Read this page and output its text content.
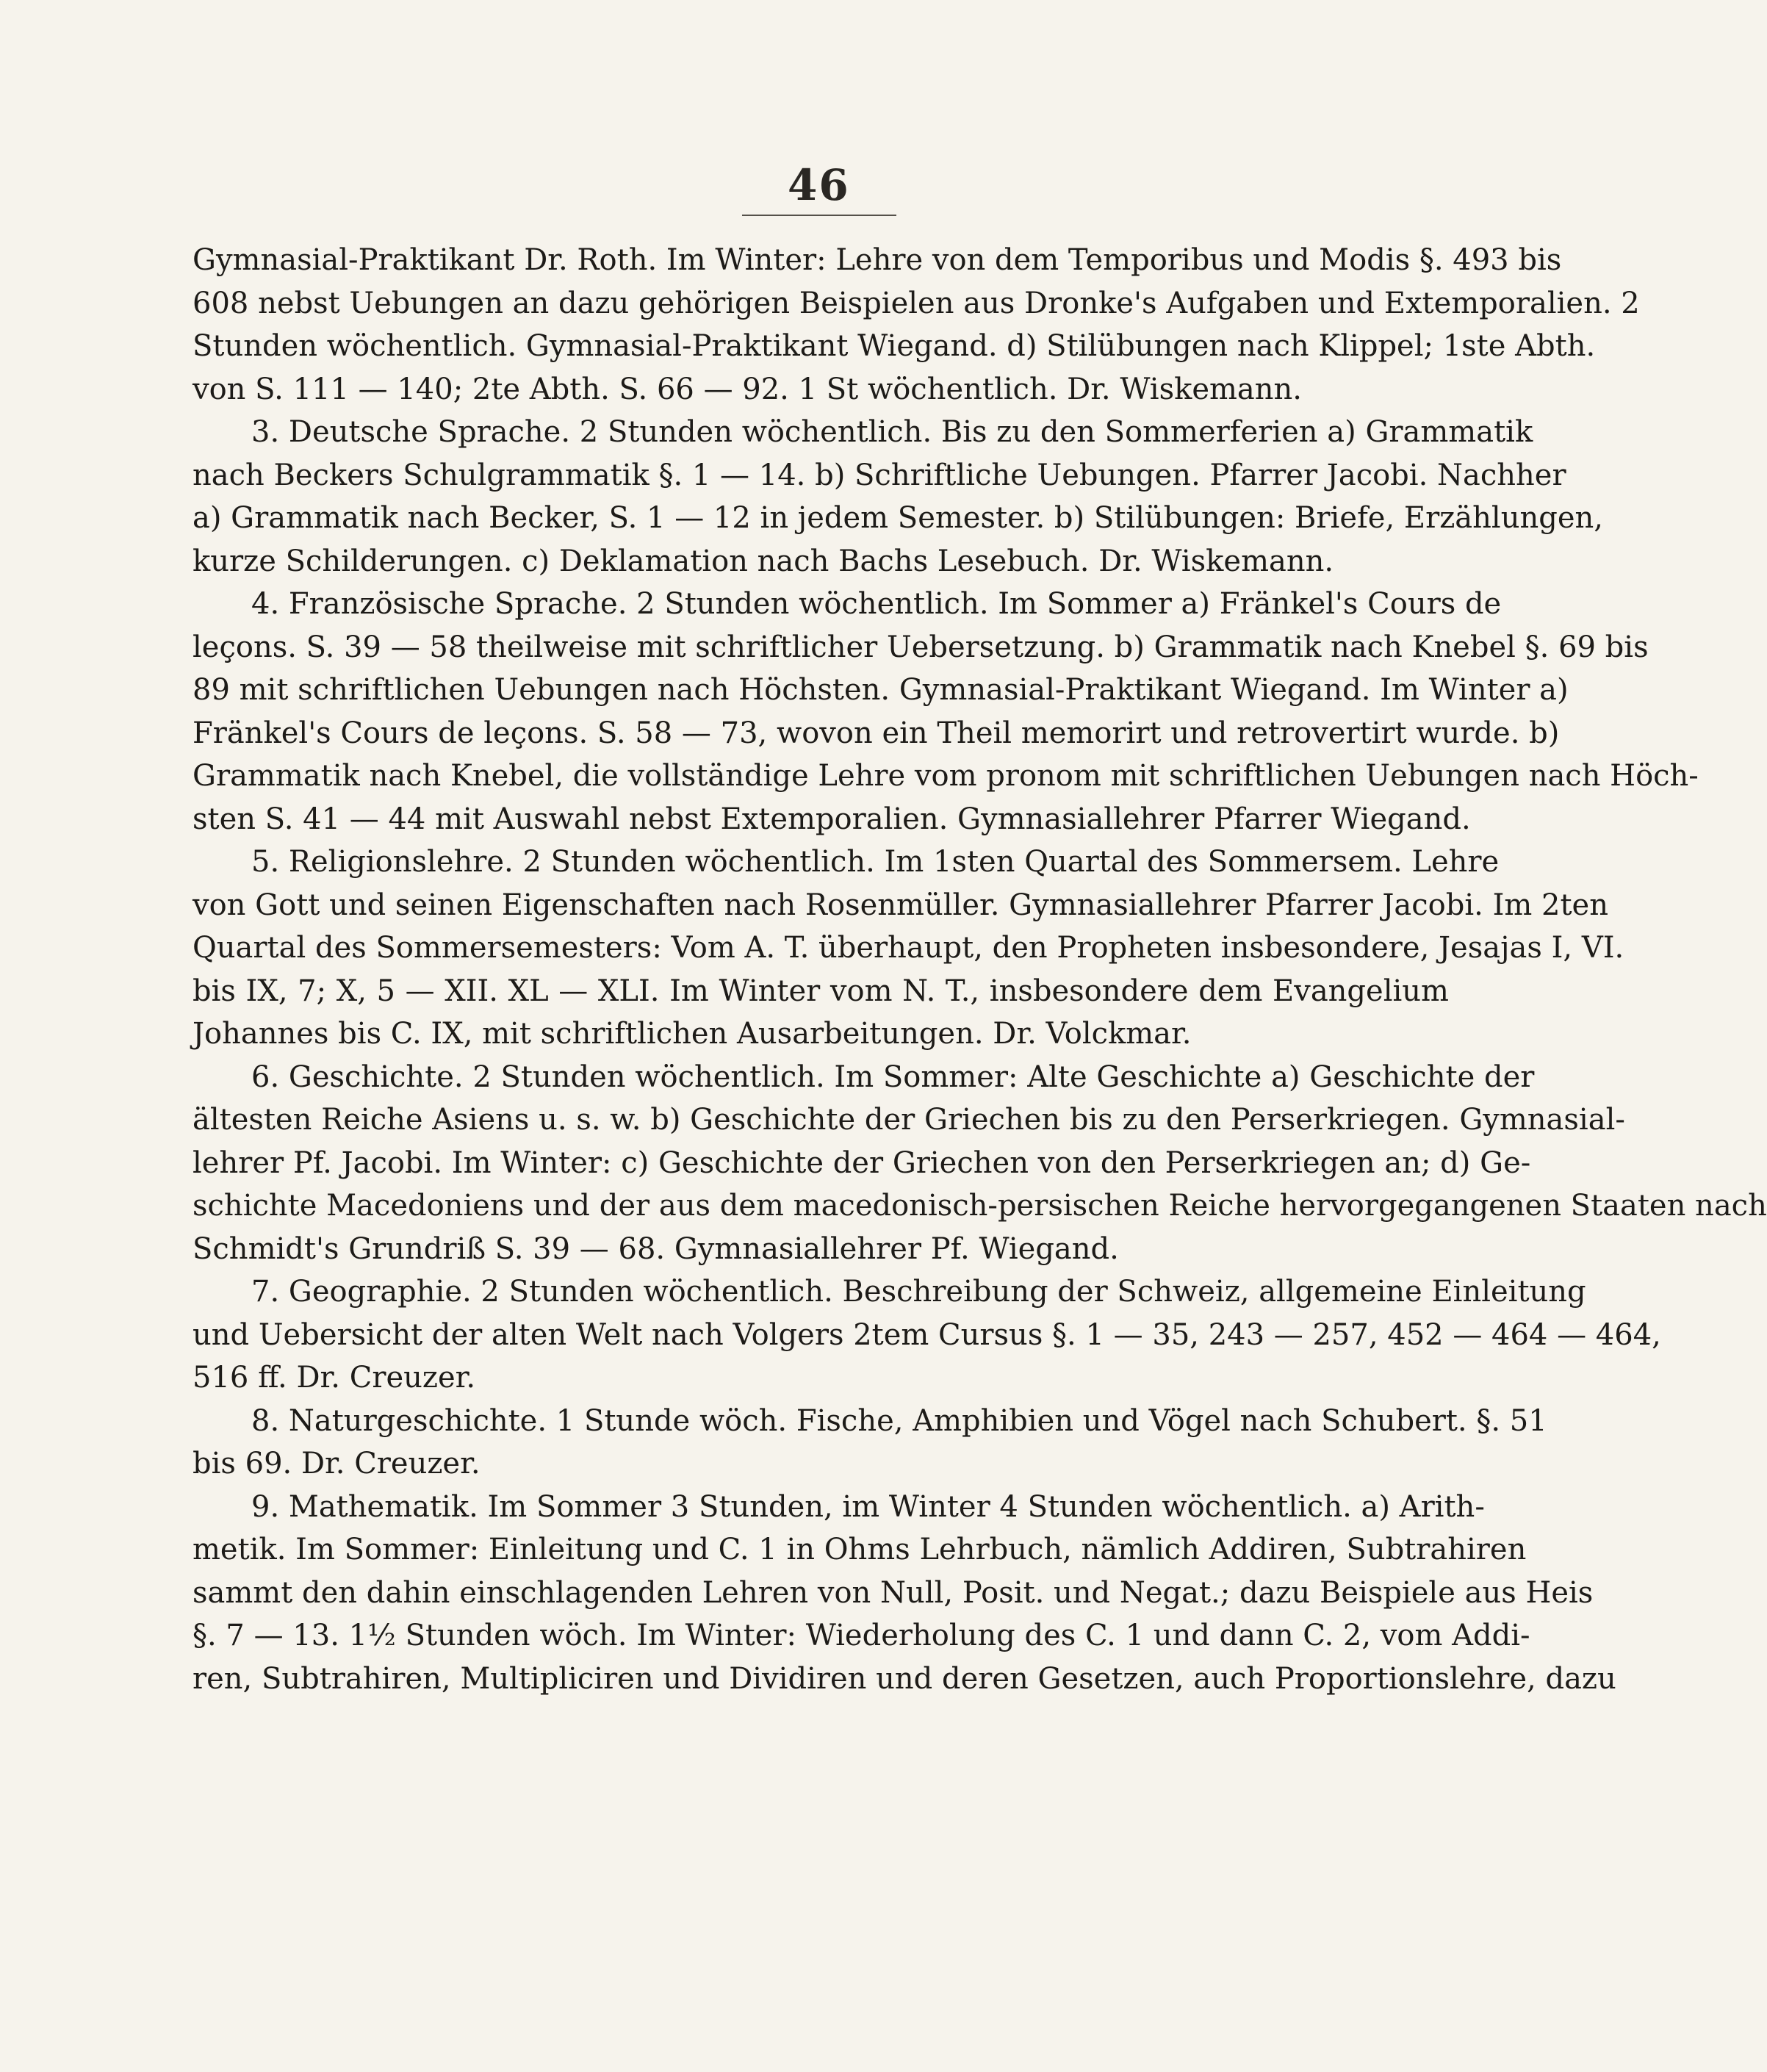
46
Gymnasial-Praktikant Dr. Roth. Im Winter: Lehre von dem Temporibus und Modis §. 493 bis
608 nebst Uebungen an dazu gehörigen Beispielen aus Dronke's Aufgaben und Extemporalien. 2
Stunden wöchentlich. Gymnasial-Praktikant Wiegand. d) Stilübungen nach Klippel; 1ste Abth.
von S. 111 — 140; 2te Abth. S. 66 — 92. 1 St wöchentlich. Dr. Wiskemann.
3. Deutsche Sprache. 2 Stunden wöchentlich. Bis zu den Sommerferien a) Grammatik
nach Beckers Schulgrammatik §. 1 — 14. b) Schriftliche Uebungen. Pfarrer Jacobi. Nachher
a) Grammatik nach Becker, S. 1 — 12 in jedem Semester. b) Stilübungen: Briefe, Erzählungen,
kurze Schilderungen. c) Deklamation nach Bachs Lesebuch. Dr. Wiskemann.
4. Französische Sprache. 2 Stunden wöchentlich. Im Sommer a) Fränkel's Cours de
leçons. S. 39 — 58 theilweise mit schriftlicher Uebersetzung. b) Grammatik nach Knebel §. 69 bis
89 mit schriftlichen Uebungen nach Höchsten. Gymnasial-Praktikant Wiegand. Im Winter a)
Fränkel's Cours de leçons. S. 58 — 73, wovon ein Theil memorirt und retrovertirt wurde. b)
Grammatik nach Knebel, die vollständige Lehre vom pronom mit schriftlichen Uebungen nach Höch-
sten S. 41 — 44 mit Auswahl nebst Extemporalien. Gymnasiallehrer Pfarrer Wiegand.
5. Religionslehre. 2 Stunden wöchentlich. Im 1sten Quartal des Sommersem. Lehre
von Gott und seinen Eigenschaften nach Rosenmüller. Gymnasiallehrer Pfarrer Jacobi. Im 2ten
Quartal des Sommersemesters: Vom A. T. überhaupt, den Propheten insbesondere, Jesajas I, VI.
bis IX, 7; X, 5 — XII. XL — XLI. Im Winter vom N. T., insbesondere dem Evangelium
Johannes bis C. IX, mit schriftlichen Ausarbeitungen. Dr. Volckmar.
6. Geschichte. 2 Stunden wöchentlich. Im Sommer: Alte Geschichte a) Geschichte der
ältesten Reiche Asiens u. s. w. b) Geschichte der Griechen bis zu den Perserkriegen. Gymnasial-
lehrer Pf. Jacobi. Im Winter: c) Geschichte der Griechen von den Perserkriegen an; d) Ge-
schichte Macedoniens und der aus dem macedonisch-persischen Reiche hervorgegangenen Staaten nach
Schmidt's Grundriß S. 39 — 68. Gymnasiallehrer Pf. Wiegand.
7. Geographie. 2 Stunden wöchentlich. Beschreibung der Schweiz, allgemeine Einleitung
und Uebersicht der alten Welt nach Volgers 2tem Cursus §. 1 — 35, 243 — 257, 452 — 464 — 464,
516 ff. Dr. Creuzer.
8. Naturgeschichte. 1 Stunde wöch. Fische, Amphibien und Vögel nach Schubert. §. 51
bis 69. Dr. Creuzer.
9. Mathematik. Im Sommer 3 Stunden, im Winter 4 Stunden wöchentlich. a) Arith-
metik. Im Sommer: Einleitung und C. 1 in Ohms Lehrbuch, nämlich Addiren, Subtrahiren
sammt den dahin einschlagenden Lehren von Null, Posit. und Negat.; dazu Beispiele aus Heis
§. 7 — 13. 1½ Stunden wöch. Im Winter: Wiederholung des C. 1 und dann C. 2, vom Addi-
ren, Subtrahiren, Multipliciren und Dividiren und deren Gesetzen, auch Proportionslehre, dazu
